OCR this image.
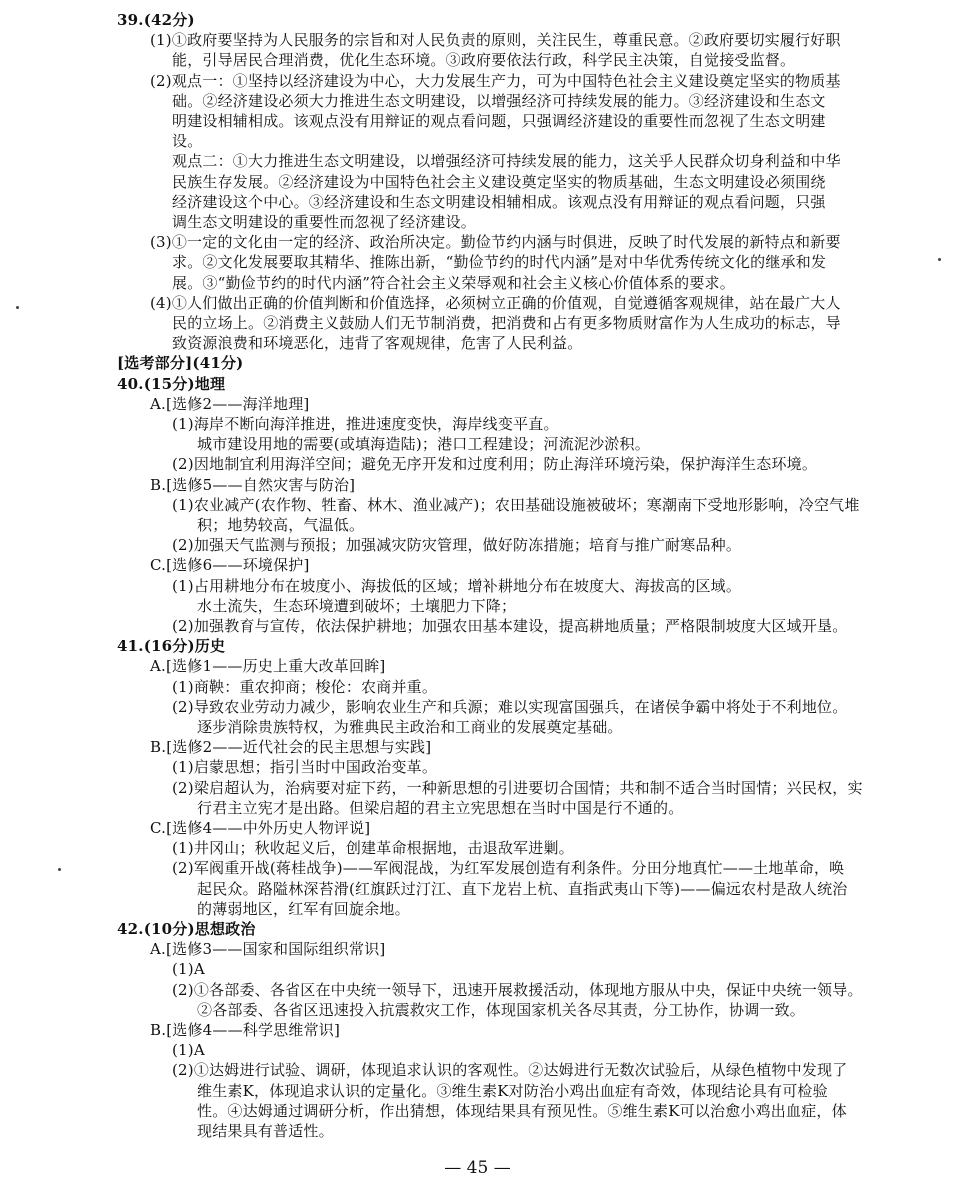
39.(42分)
(1)①政府要坚持为人民服务的宗旨和对人民负责的原则，关注民生，尊重民意。②政府要切实履行好职
能，引导居民合理消费，优化生态环境。③政府要依法行政，科学民主决策，自觉接受监督。
(2)观点一：①坚持以经济建设为中心，大力发展生产力，可为中国特色社会主义建设奠定坚实的物质基
础。②经济建设必须大力推进生态文明建设，以增强经济可持续发展的能力。③经济建设和生态文
明建设相辅相成。该观点没有用辩证的观点看问题，只强调经济建设的重要性而忽视了生态文明建
设。
观点二：①大力推进生态文明建设，以增强经济可持续发展的能力，这关乎人民群众切身利益和中华
民族生存发展。②经济建设为中国特色社会主义建设奠定坚实的物质基础，生态文明建设必须围绕
经济建设这个中心。③经济建设和生态文明建设相辅相成。该观点没有用辩证的观点看问题，只强
调生态文明建设的重要性而忽视了经济建设。
(3)①一定的文化由一定的经济、政治所决定。勤俭节约内涵与时俱进，反映了时代发展的新特点和新要
求。②文化发展要取其精华、推陈出新，“勤俭节约的时代内涵”是对中华优秀传统文化的继承和发
展。③“勤俭节约的时代内涵”符合社会主义荣辱观和社会主义核心价值体系的要求。
(4)①人们做出正确的价值判断和价值选择，必须树立正确的价值观，自觉遵循客观规律，站在最广大人
民的立场上。②消费主义鼓励人们无节制消费，把消费和占有更多物质财富作为人生成功的标志，导
致资源浪费和环境恶化，违背了客观规律，危害了人民利益。
[选考部分](41分)
40.(15分)地理
A.[选修2——海洋地理]
(1)海岸不断向海洋推进，推进速度变快，海岸线变平直。
城市建设用地的需要(或填海造陆)；港口工程建设；河流泥沙淤积。
(2)因地制宜利用海洋空间；避免无序开发和过度利用；防止海洋环境污染，保护海洋生态环境。
B.[选修5——自然灾害与防治]
(1)农业减产(农作物、牲畜、林木、渔业减产)；农田基础设施被破坏；寒潮南下受地形影响，冷空气堆
积；地势较高，气温低。
(2)加强天气监测与预报；加强减灾防灾管理，做好防冻措施；培育与推广耐寒品种。
C.[选修6——环境保护]
(1)占用耕地分布在坡度小、海拔低的区域；增补耕地分布在坡度大、海拔高的区域。
水土流失，生态环境遭到破坏；土壤肥力下降；
(2)加强教育与宣传，依法保护耕地；加强农田基本建设，提高耕地质量；严格限制坡度大区域开垦。
41.(16分)历史
A.[选修1——历史上重大改革回眸]
(1)商鞅：重农抑商；梭伦：农商并重。
(2)导致农业劳动力减少，影响农业生产和兵源；难以实现富国强兵，在诸侯争霸中将处于不利地位。
逐步消除贵族特权，为雅典民主政治和工商业的发展奠定基础。
B.[选修2——近代社会的民主思想与实践]
(1)启蒙思想；指引当时中国政治变革。
(2)梁启超认为，治病要对症下药，一种新思想的引进要切合国情；共和制不适合当时国情；兴民权，实
行君主立宪才是出路。但梁启超的君主立宪思想在当时中国是行不通的。
C.[选修4——中外历史人物评说]
(1)井冈山；秋收起义后，创建革命根据地，击退敌军进剿。
(2)军阀重开战(蒋桂战争)——军阀混战，为红军发展创造有利条件。分田分地真忙——土地革命，唤
起民众。路隘林深苔滑(红旗跃过汀江、直下龙岩上杭、直指武夷山下等)——偏远农村是敌人统治
的薄弱地区，红军有回旋余地。
42.(10分)思想政治
A.[选修3——国家和国际组织常识]
(1)A
(2)①各部委、各省区在中央统一领导下，迅速开展救援活动，体现地方服从中央，保证中央统一领导。
②各部委、各省区迅速投入抗震救灾工作，体现国家机关各尽其责，分工协作，协调一致。
B.[选修4——科学思维常识]
(1)A
(2)①达姆进行试验、调研，体现追求认识的客观性。②达姆进行无数次试验后，从绿色植物中发现了
维生素K，体现追求认识的定量化。③维生素K对防治小鸡出血症有奇效，体现结论具有可检验
性。④达姆通过调研分析，作出猜想，体现结果具有预见性。⑤维生素K可以治愈小鸡出血症，体
现结果具有普适性。
— 45 —
